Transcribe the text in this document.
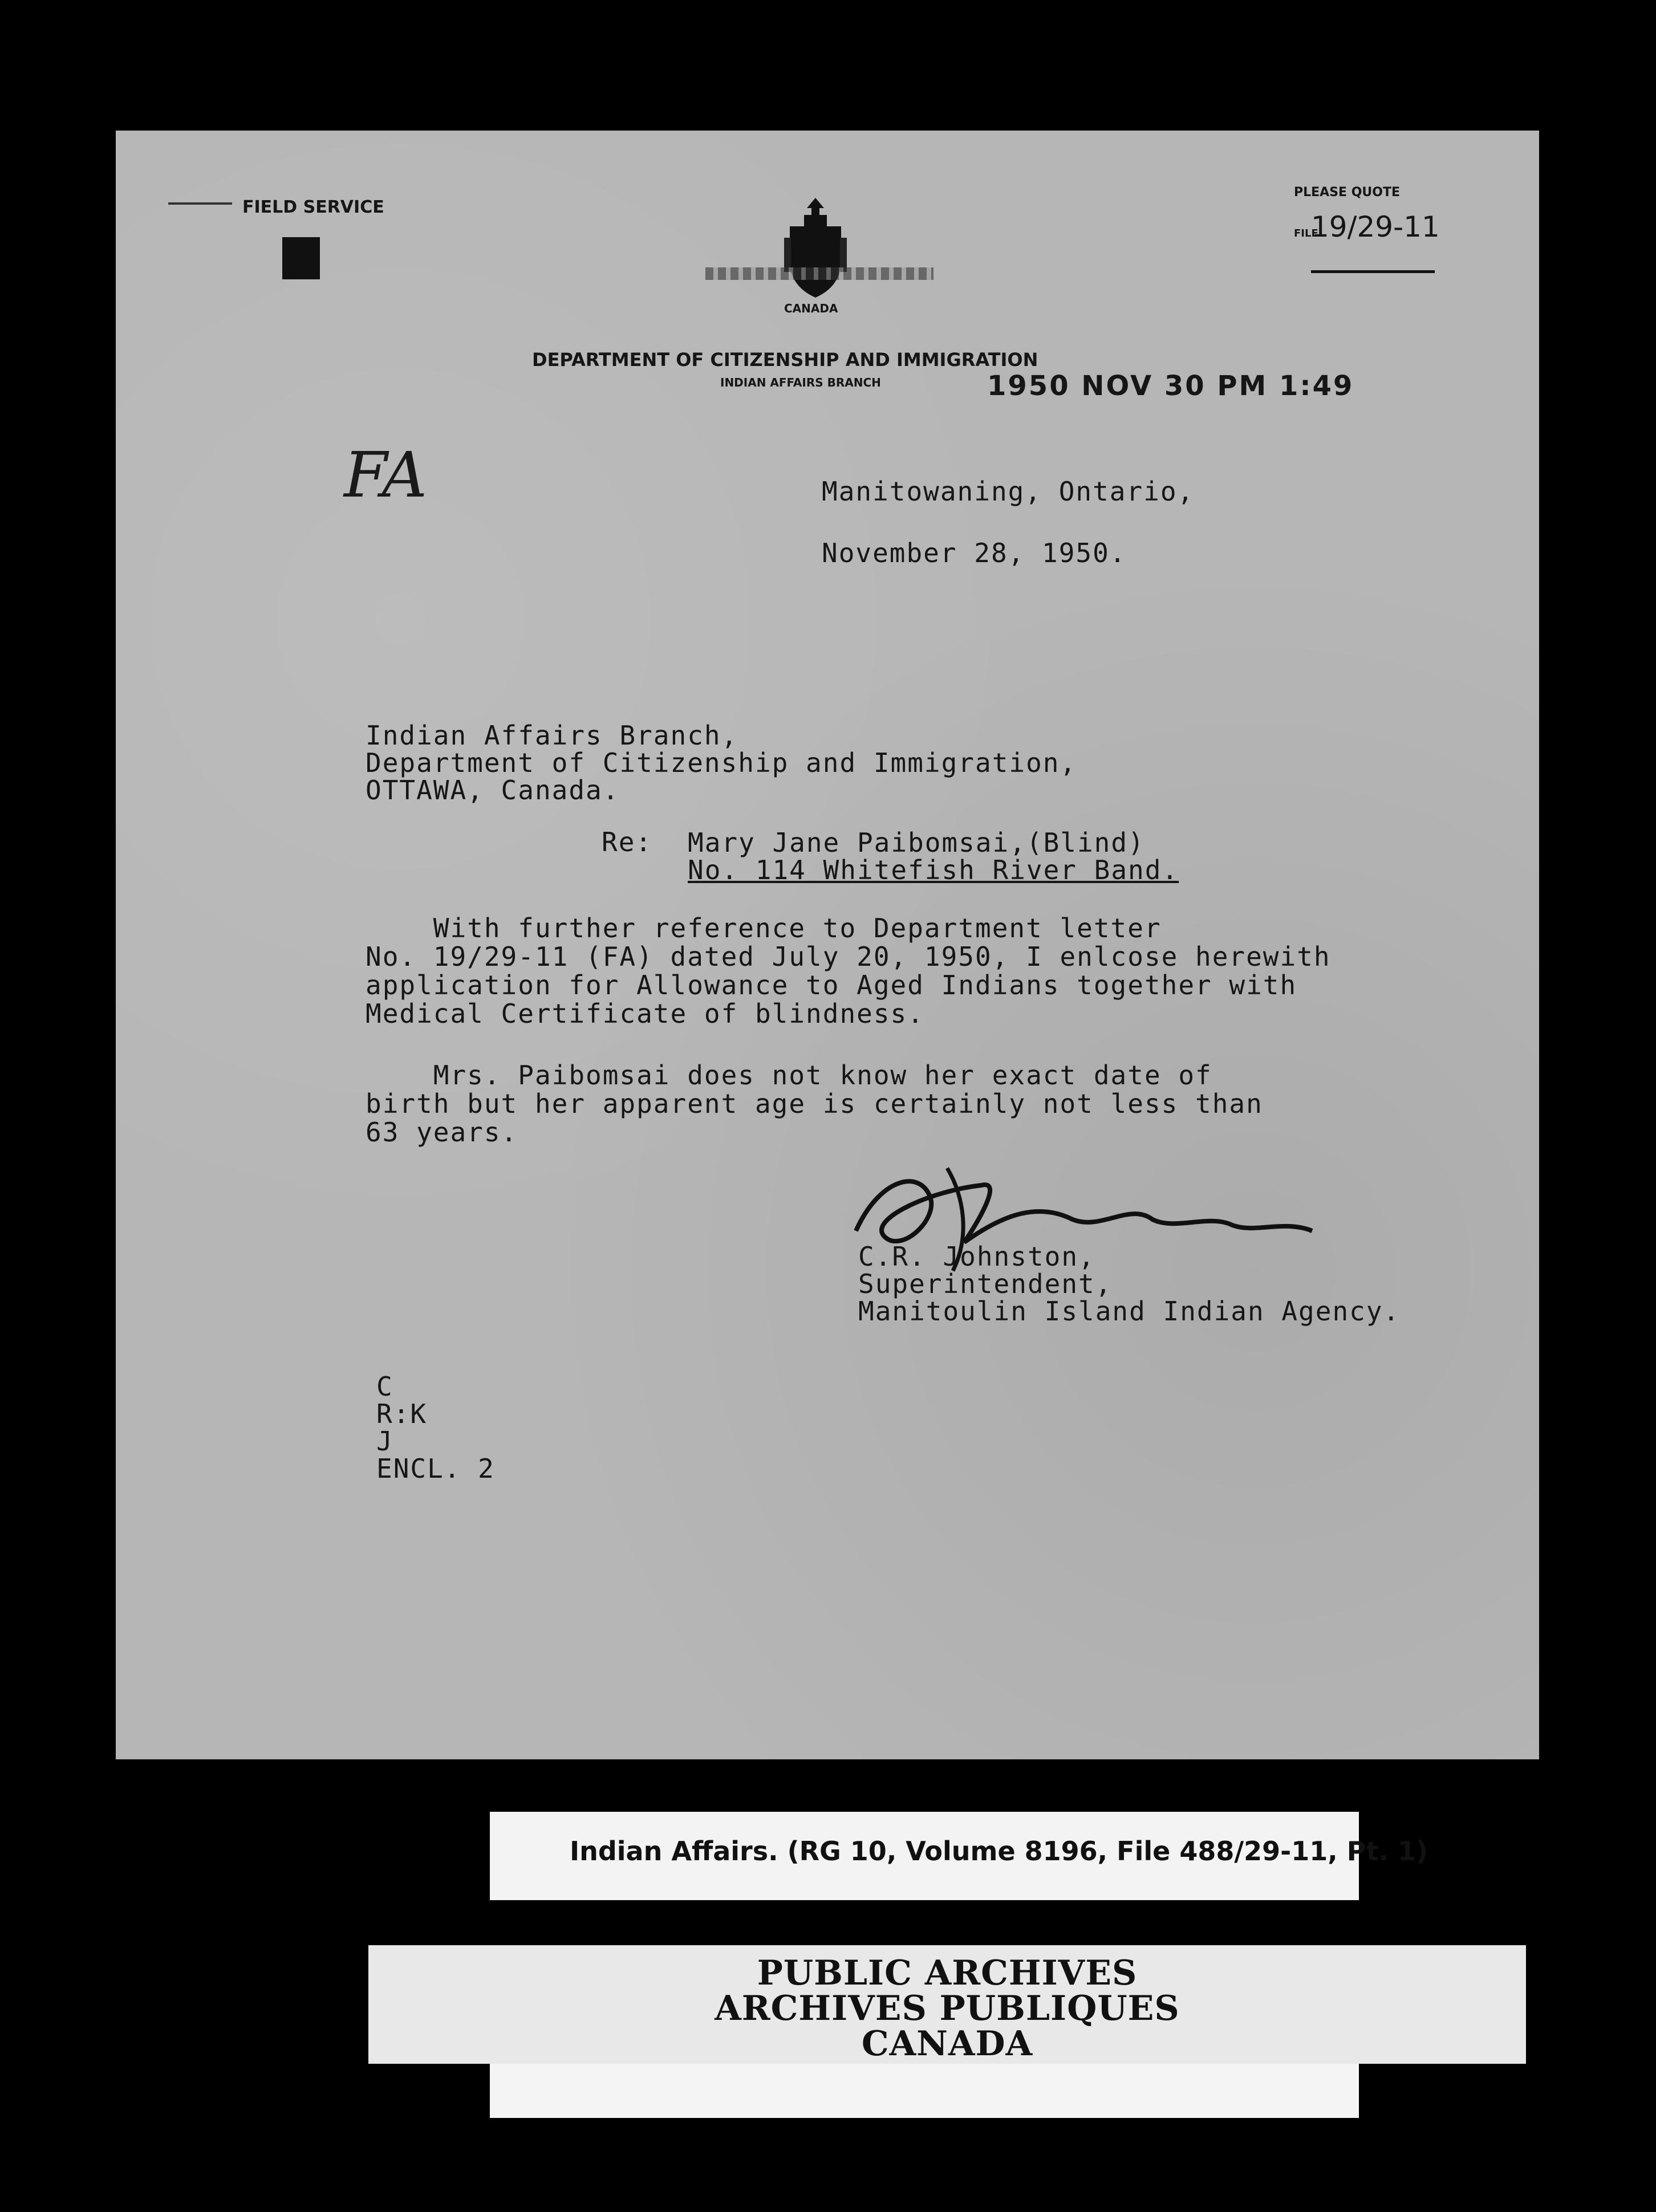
FIELD SERVICE
CANADA
PLEASE QUOTE
FILE
19/29-11
DEPARTMENT OF CITIZENSHIP AND IMMIGRATION
INDIAN AFFAIRS BRANCH	1950 NOV 30 PM 1:49
FA	Manitowaning, Ontario,
November 28, 1950.
Indian Affairs Branch,
Department of Citizenship and Immigration,
OTTAWA, Canada.
Re: Mary Jane Paibomsai,(Blind)
No. 114 Whitefish River Band.
With further reference to Department letter
No. 19/29-11 (FA) dated July 20, 1950, I enlcose herewith
application for Allowance to Aged Indians together with
Medical Certificate of blindness.
Mrs. Paibomsai does not know her exact date of
birth but her apparent age is certainly not less than
63 years.
C.R. Johnston,
Superintendent,
Manitoulin Island Indian Agency.
C
R:K
J
ENCL. 2
Indian Affairs. (RG 10, Volume 8196, File 488/29-11, Pt. 1)
PUBLIC ARCHIVES
ARCHIVES PUBLIQUES
CANADA
